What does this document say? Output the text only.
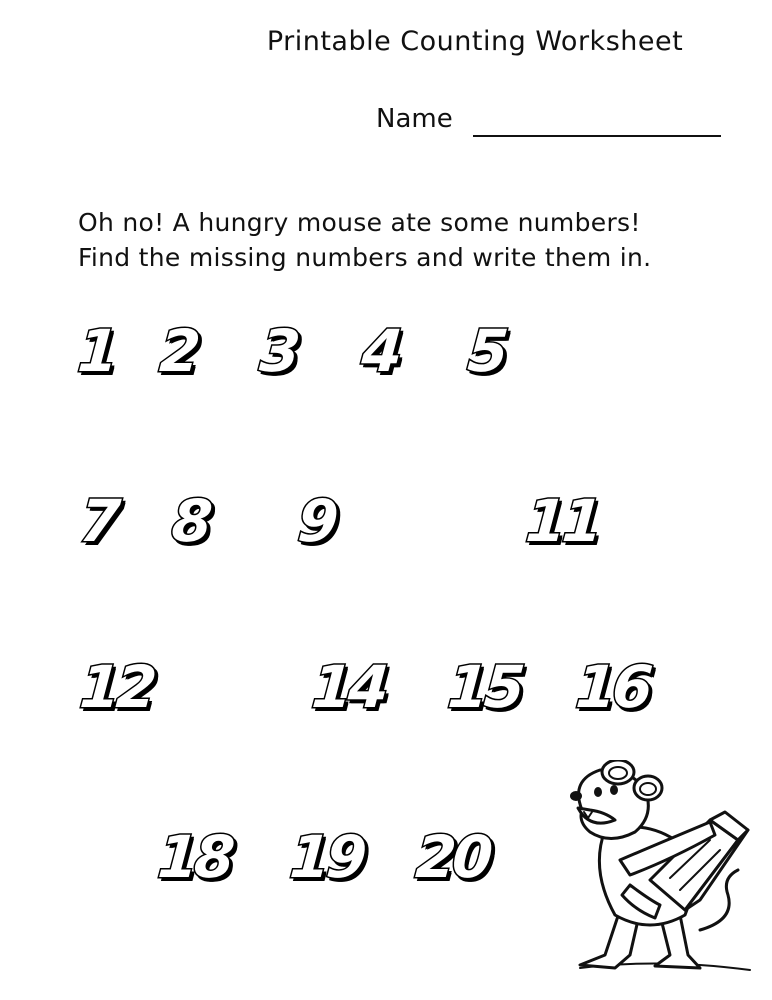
Printable Counting Worksheet
Name
Oh no! A hungry mouse ate some numbers!
Find the missing numbers and write them in.
1 2 3 4 5
7 8 9	11
12	14 15 16
18 19 20
